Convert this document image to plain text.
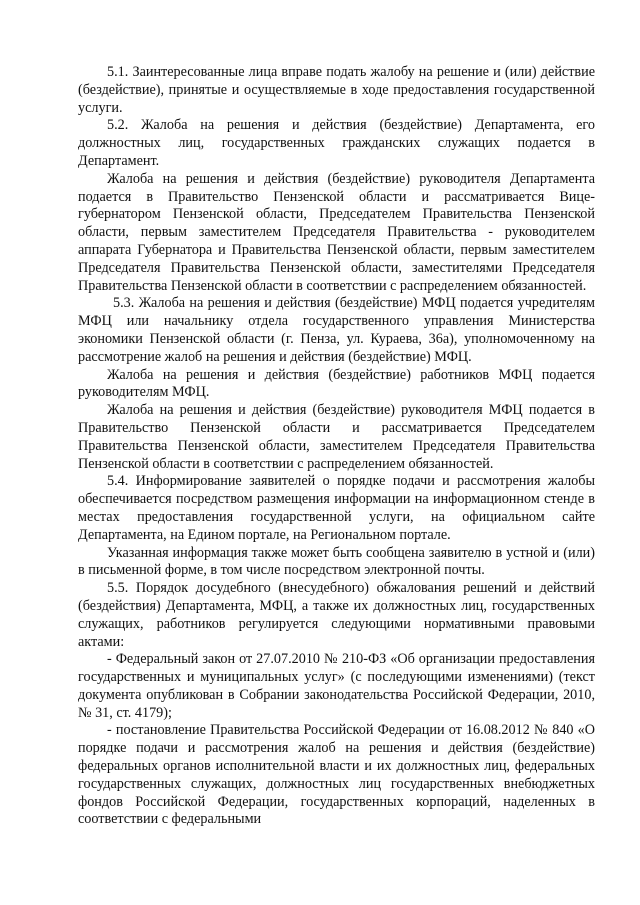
5.1. Заинтересованные лица вправе подать жалобу на решение и (или) действие (бездействие), принятые и осуществляемые в ходе предоставления государственной услуги.

5.2. Жалоба на решения и действия (бездействие) Департамента, его должностных лиц, государственных гражданских служащих подается в Департамент.

Жалоба на решения и действия (бездействие) руководителя Департамента подается в Правительство Пензенской области и рассматривается Вице-губернатором Пензенской области, Председателем Правительства Пензенской области, первым заместителем Председателя Правительства - руководителем аппарата Губернатора и Правительства Пензенской области, первым заместителем Председателя Правительства Пензенской области, заместителями Председателя Правительства Пензенской области в соответствии с распределением обязанностей.

5.3. Жалоба на решения и действия (бездействие) МФЦ подается учредителям МФЦ или начальнику отдела государственного управления Министерства экономики Пензенской области (г. Пенза, ул. Кураева, 36а), уполномоченному на рассмотрение жалоб на решения и действия (бездействие) МФЦ.

Жалоба на решения и действия (бездействие) работников МФЦ подается руководителям МФЦ.

Жалоба на решения и действия (бездействие) руководителя МФЦ подается в Правительство Пензенской области и рассматривается Председателем Правительства Пензенской области, заместителем Председателя Правительства Пензенской области в соответствии с распределением обязанностей.

5.4. Информирование заявителей о порядке подачи и рассмотрения жалобы обеспечивается посредством размещения информации на информационном стенде в местах предоставления государственной услуги, на официальном сайте Департамента, на Едином портале, на Региональном портале.

Указанная информация также может быть сообщена заявителю в устной и (или) в письменной форме, в том числе посредством электронной почты.

5.5. Порядок досудебного (внесудебного) обжалования решений и действий (бездействия) Департамента, МФЦ, а также их должностных лиц, государственных служащих, работников регулируется следующими нормативными правовыми актами:

- Федеральный закон от 27.07.2010 № 210-ФЗ «Об организации предоставления государственных и муниципальных услуг» (с последующими изменениями) (текст документа опубликован в Собрании законодательства Российской Федерации, 2010, № 31, ст. 4179);

- постановление Правительства Российской Федерации от 16.08.2012 № 840 «О порядке подачи и рассмотрения жалоб на решения и действия (бездействие) федеральных органов исполнительной власти и их должностных лиц, федеральных государственных служащих, должностных лиц государственных внебюджетных фондов Российской Федерации, государственных корпораций, наделенных в соответствии с федеральными
